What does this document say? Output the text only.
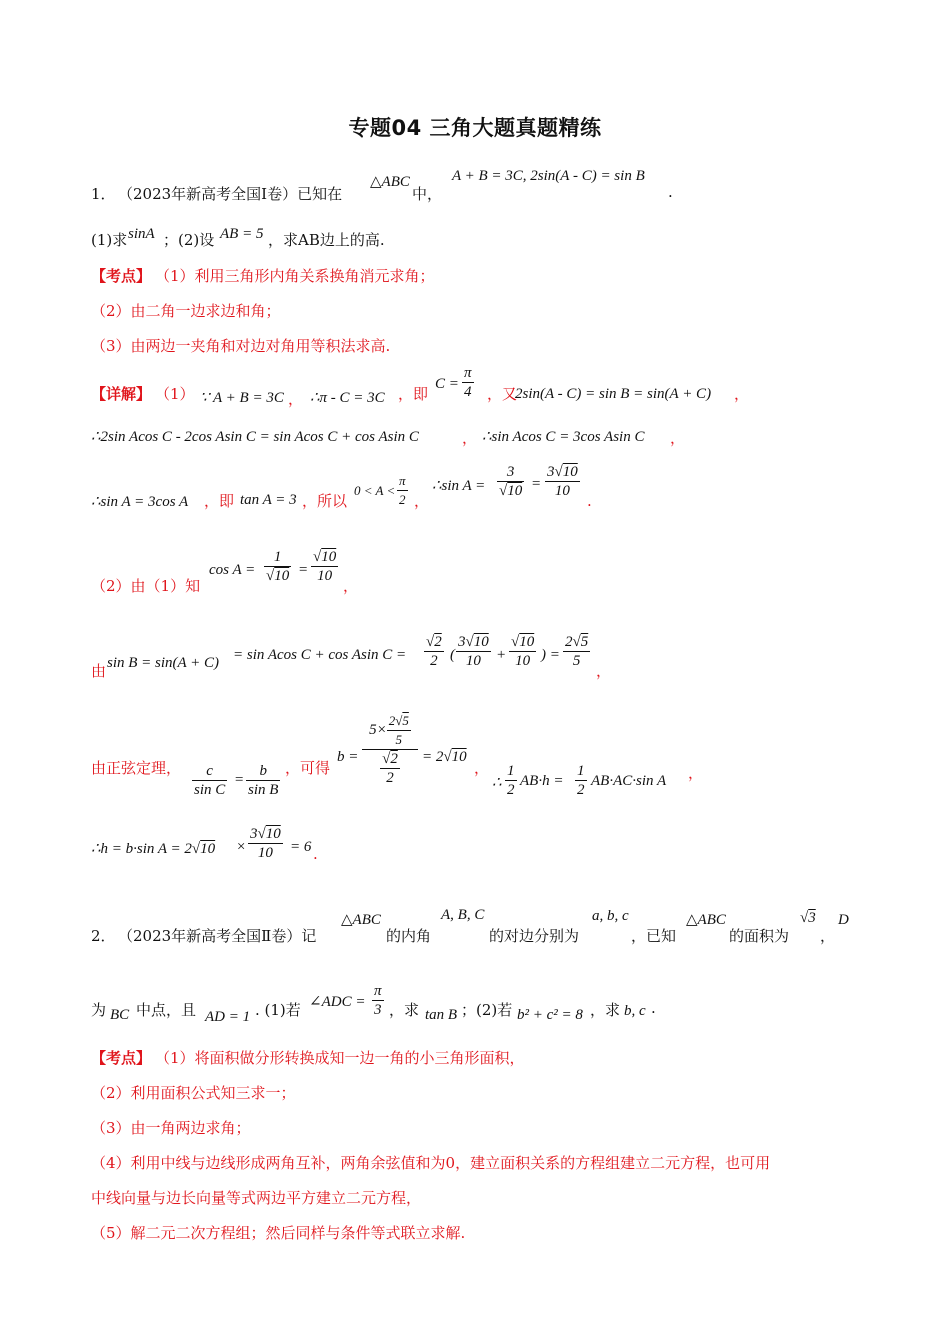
专题04 三角大题真题精练
1． （2023年新高考全国Ⅰ卷）已知在
△ABC
中，
A + B = 3C, 2sin(A - C) = sin B
.
(1)求 sinA ；(2)设 AB = 5 ，求AB边上的高.
【考点】 （1）利用三角形内角关系换角消元求角；
（2）由二角一边求边和角；
（3）由两边一夹角和对边对角用等积法求高.
【详解】 （1） ∵ A + B = 3C ， ∴π - C = 3C ，即
$C = \frac{\pi}{4}$ ，又
2sin(A - C) = sin B = sin(A + C) ，
∴2sin Acos C - 2cos Asin C = sin Acos C + cos Asin C	， ∴sin Acos C = 3cos Asin C ，
∴sin A = 3cos A ，即 tan A = 3 ，所以
$0 < A < \frac{\pi}{2}$ ，
∴sin $A = \frac{3}{√10} = \frac{3√10}{10}$
.
（2）由（1）知
$\cos A = \frac{1}{√10} = \frac{√10}{10}$
，
由 sin B = sin(A + C) = sin Acos C + cos Asin $C = \frac{√2}{2}$ ( $\frac{3√10}{10} + \frac{√10}{10}$ ) = $\frac{2√5}{5}$
，
由正弦定理， $\frac{c}{\text{sin C}} = \frac{b}{\text{sin B}}$ ，可得
$b = \frac{5\times \frac{2√5}{5}}{\frac{√2}{2}} = 2√10$
，
∴ $\frac{1}{2} AB\cdot h = \frac{1}{2} AB\cdot AC\cdot\sin$ A ，
∴h = b·sin $A = 2√10 \times \frac{3√10}{10} = 6$ .
2． （2023年新高考全国Ⅱ卷）记
△ABC
的内角
A, B, C
的对边分别为
a, b, c
，已知
△ABC
的面积为
√3
，
D
为 BC 中点，且 AD = 1 . (1)若 ∠ADC = $\frac{\pi}{3}$ ，求 tan B ；(2)若 b² + c² = 8 ，求 b, c .
【考点】 （1）将面积做分形转换成知一边一角的小三角形面积，
（2）利用面积公式知三求一；
（3）由一角两边求角；
（4）利用中线与边线形成两角互补，两角余弦值和为0，建立面积关系的方程组建立二元方程，也可用
中线向量与边长向量等式两边平方建立二元方程，
（5）解二元二次方程组；然后同样与条件等式联立求解.
